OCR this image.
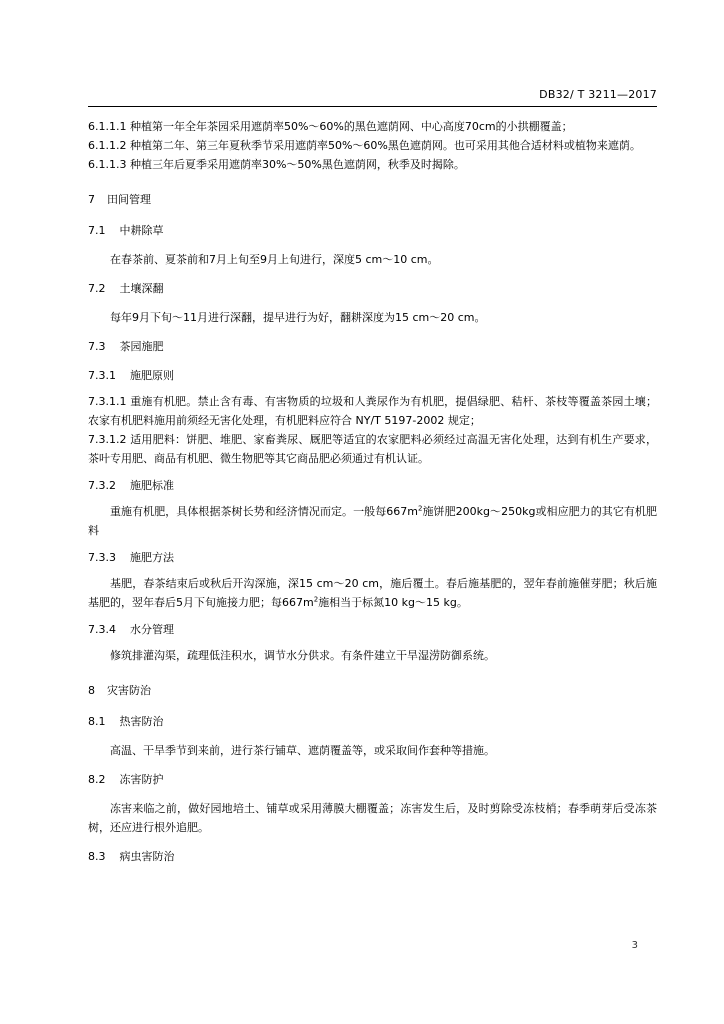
DB32/ T 3211—2017

6.1.1.1 种植第一年全年茶园采用遮荫率50%～60%的黑色遮荫网、中心高度70cm的小拱棚覆盖；

6.1.1.2 种植第二年、第三年夏秋季节采用遮荫率50%～60%黑色遮荫网。也可采用其他合适材料或植物来遮荫。

6.1.1.3 种植三年后夏季采用遮荫率30%～50%黑色遮荫网，秋季及时揭除。

7 田间管理
7.1 中耕除草

在春茶前、夏茶前和7月上旬至9月上旬进行，深度5 cm～10 cm。

7.2 土壤深翻

每年9月下旬～11月进行深翻，提早进行为好，翻耕深度为15 cm～20 cm。

7.3 茶园施肥
7.3.1 施肥原则

7.3.1.1 重施有机肥。禁止含有毒、有害物质的垃圾和人粪尿作为有机肥，提倡绿肥、秸杆、茶枝等覆盖茶园土壤；农家有机肥料施用前须经无害化处理，有机肥料应符合 NY/T 5197-2002 规定；

7.3.1.2 适用肥料：饼肥、堆肥、家畜粪尿、厩肥等适宜的农家肥料必须经过高温无害化处理，达到有机生产要求，茶叶专用肥、商品有机肥、微生物肥等其它商品肥必须通过有机认证。

7.3.2 施肥标准

重施有机肥，具体根据茶树长势和经济情况而定。一般每$667m^2$施饼肥200kg～250kg或相应肥力的其它有机肥料

7.3.3 施肥方法

基肥，春茶结束后或秋后开沟深施，深15 cm～20 cm，施后覆土。春后施基肥的，翌年春前施催芽肥；秋后施基肥的，翌年春后5月下旬施接力肥；每$667m^2$施相当于标氮10 kg～15 kg。

7.3.4 水分管理

修筑排灌沟渠，疏理低洼积水，调节水分供求。有条件建立干旱湿涝防御系统。

8 灾害防治
8.1 热害防治

高温、干旱季节到来前，进行茶行铺草、遮荫覆盖等，或采取间作套种等措施。

8.2 冻害防护

冻害来临之前，做好园地培土、铺草或采用薄膜大棚覆盖；冻害发生后，及时剪除受冻枝梢；春季萌芽后受冻茶树，还应进行根外追肥。

8.3 病虫害防治
3
